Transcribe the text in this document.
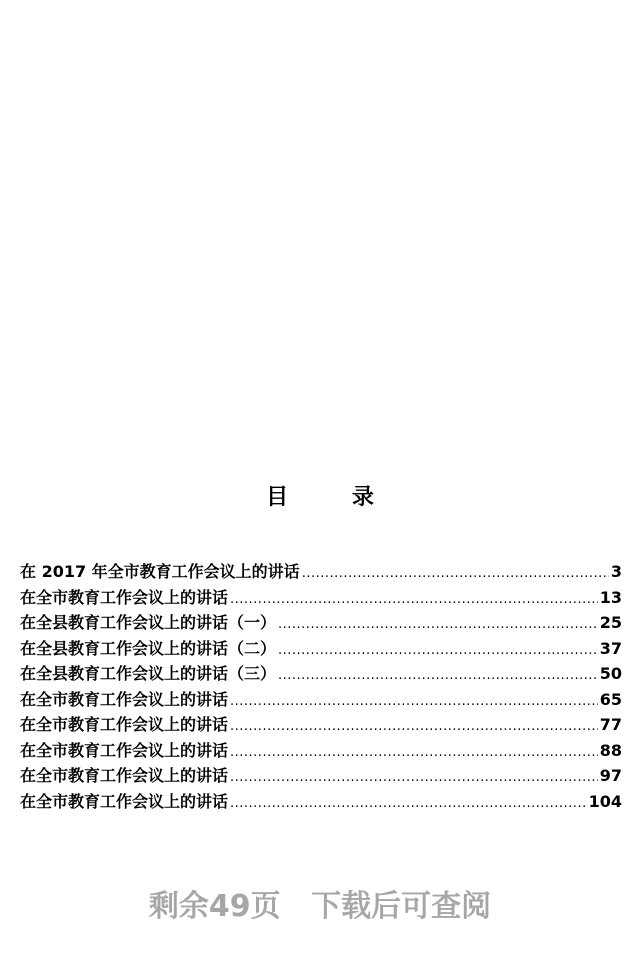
目 录
在 2017 年全市教育工作会议上的讲话 .....	3
在全市教育工作会议上的讲话 .....	13
在全县教育工作会议上的讲话（一） .....	25
在全县教育工作会议上的讲话（二） .....	37
在全县教育工作会议上的讲话（三） .....	50
在全市教育工作会议上的讲话 .....	65
在全市教育工作会议上的讲话 .....	77
在全市教育工作会议上的讲话 .....	88
在全市教育工作会议上的讲话 .....	97
在全市教育工作会议上的讲话 .....	104
剩余49页 下载后可查阅
